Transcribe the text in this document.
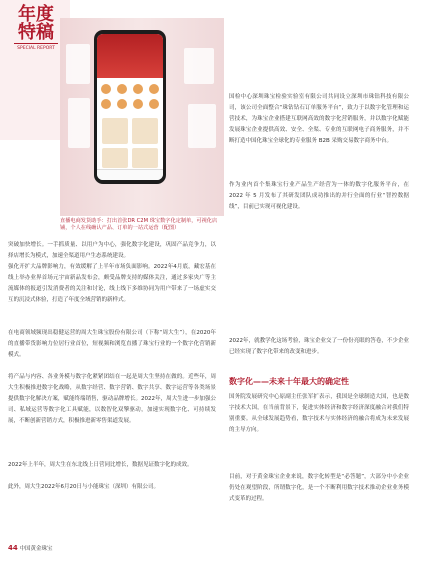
年度
特稿
SPECIAL REPORT
直播电商发货助手：打出首张DR C2M 珠宝数字化定制单，可视化店铺，个人在线确认产品、订单的一站式运营（配图）
突破加快增长。一手抓质量、以用户为中心，强化数字化建设，巩固产品竞争力，以择店增长为模式，加速全渠道用户生态系统建设。
强化开扩大品牌影响力，有效缓解了上半年市场负面影响。2022年4月底，藏宏基在线上举办业界首场元宇宙新品发布会，颇受品牌支持的媒体关注，通过多家央广等主流媒体的报道引发消费者的关注和讨论，线上线下多维协同为用户带来了一场虚实交互的沉浸式体验，打造了年度全域营销的新样式。
在电商领域频现出稳健运营的周大生珠宝股份有限公司（下称“周大生”），在2020年的直播带货影响力位居行业首位，短视频和浏览直播了珠宝行业的一个数字化营销新模式。
将产品与内容、各业务模与数字化紧紧团结在一起是周大生坚持在做的。近些年，周大生积极推进数字化战略，从数字经营、数字营销、数字共享、数字运营等各类场景提供数字化解决方案，赋能终端销售，驱动品牌增长。2022年，周大生进一步加强公司、私域运营等数字化工具赋能，以数智化双擎驱动，加速实现数字化、可持续发展，不断创新营销方式，积极推进新零售渠道发展。
2022年上半年，周大生在东北线上日营同比增长，数据见证数字化的成效。
此外，周大生2022年6月20日与小能珠宝（深圳）有限公司。
国检中心深圳珠宝检验实验室有限公司共同设立深圳市珠钻科技有限公司，该公司全面整合“珠钻钻石订单服务平台”，致力于以数字化管理和运营技术，为珠宝企业搭建互联网高效的数字化营销服务，并以数字化赋能发展珠宝企业提供高效、安全、全渠、专业的互联网电子商务服务，并不断打造中国化珠宝全球化的专业服务 B2B 采购交易数字商务中台。
作为业内首个集珠宝行业产品生产经营为一体的数字化服务平台，在 2022 年 5 月发布了其研发团队成功推出的并行全面的行业“智控数据线”，目前已实现可视化建设。
2022年，就教学化这场考验，珠宝企业交了一份份亮眼的答卷，不少企业已经实现了数字化带来的改变和进步。
数字化——未来十年最大的确定性
国务院发展研究中心原副主任张军扩表示，我国是全球制造大国，也是数字技术大国，在当前背景下，促进实体经济和数字经济深度融合对我们特别重要。从全球发展趋势看，数字技术与实体经济的融合将成为未来发展的主导方向。
目前，对于黄金珠宝企业来说，数字化转型是“必答题”，大部分中小企业仍处在观望阶段，所谓数字化，是一个不断利用数字技术推动企业业务模式变革的过程。
44 中国黄金珠宝
